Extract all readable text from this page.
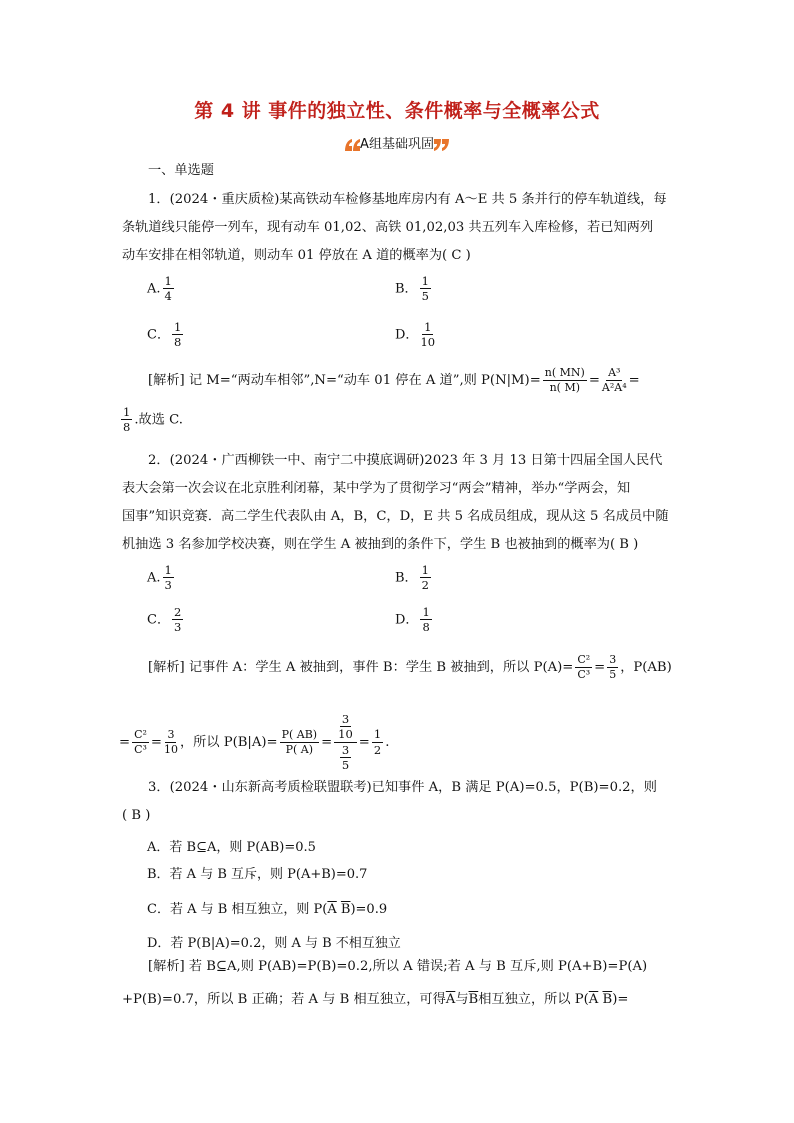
第 4 讲 事件的独立性、条件概率与全概率公式
A组基础巩固
一、单选题
1．(2024・重庆质检)某高铁动车检修基地库房内有 A～E 共 5 条并行的停车轨道线，每
条轨道线只能停一列车，现有动车 01,02、高铁 01,02,03 共五列车入库检修，若已知两列
动车安排在相邻轨道，则动车 01 停放在 A 道的概率为( C )
A. $\frac{1}{4}$	B． $\frac{1}{5}$
C． $\frac{1}{8}$	D． $\frac{1}{10}$
[解析] 记 M=“两动车相邻”,N=“动车 01 停在 A 道”,则 $P(N|M)= \frac{n( MN)}{n( M)} = \frac{\text{A³}}{\text{A²A⁴}}$ =
$\frac{1}{8}$ .故选 C.
2．(2024・广西柳铁一中、南宁二中摸底调研)2023 年 3 月 13 日第十四届全国人民代
表大会第一次会议在北京胜利闭幕，某中学为了贯彻学习“两会”精神，举办“学两会，知
国事”知识竞赛．高二学生代表队由 A，B，C，D，E 共 5 名成员组成，现从这 5 名成员中随
机抽选 3 名参加学校决赛，则在学生 A 被抽到的条件下，学生 B 也被抽到的概率为( B )
A. $\frac{1}{3}$	B． $\frac{1}{2}$
C． $\frac{2}{3}$	D． $\frac{1}{8}$
[解析] 记事件 A：学生 A 被抽到，事件 B：学生 B 被抽到，所以 $P(A)= \frac{\text{C²}}{\text{C³}} = \frac{3}{5}$ ，P(AB)
= $\frac{\text{C²}}{\text{C³}} = \frac{3}{10}$ ，所以 $P(B|A)= \frac{P( AB)}{P( A)} = \frac{\frac{3}{10}}{\frac{3}{5}} = \frac{1}{2}$ .
3．(2024・山东新高考质检联盟联考)已知事件 A，B 满足 P(A)=0.5，P(B)=0.2，则
( B )
A．若 B⊆A，则 P(AB)=0.5
B．若 A 与 B 互斥，则 P(A+B)=0.7
C．若 A 与 B 相互独立，则 $P(\overline{A}$ $\overline{B})=0.9$
D．若 P(B|A)=0.2，则 A 与 B 不相互独立
[解析] 若 B⊆A,则 P(AB)=P(B)=0.2,所以 A 错误;若 A 与 B 互斥,则 P(A+B)=P(A)
+P(B)=0.7，所以 B 正确；若 A 与 B 相互独立，可得$\overline{A}$与$\overline{B}$相互独立，所以 $P(\overline{A}$ $\overline{B})=$
